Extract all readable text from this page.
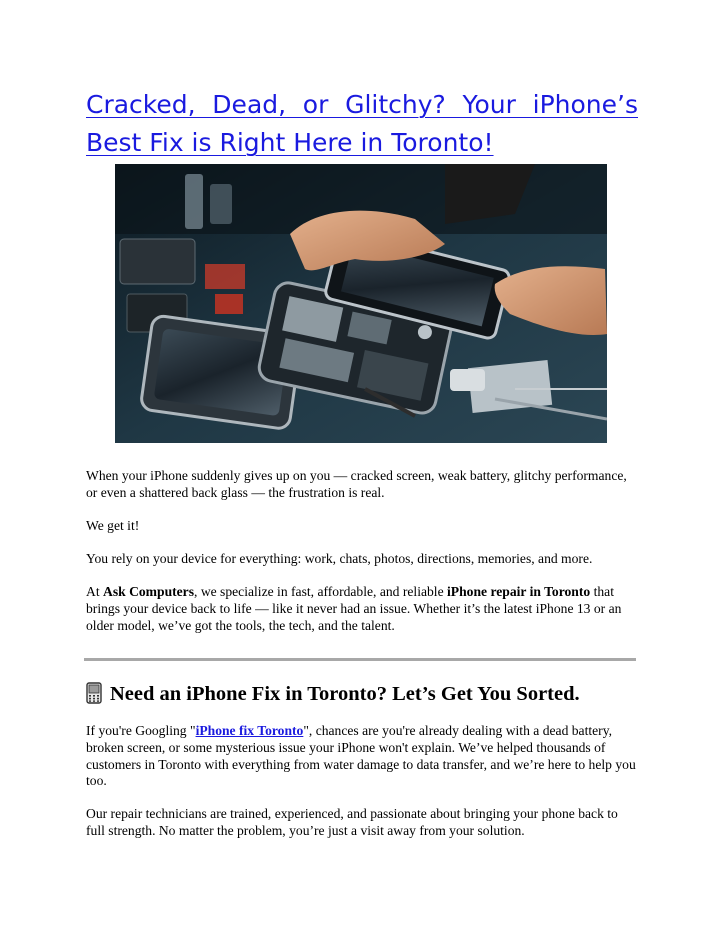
Cracked, Dead, or Glitchy? Your iPhone’s
Best Fix is Right Here in Toronto!

When your iPhone suddenly gives up on you — cracked screen, weak battery, glitchy performance, or even a shattered back glass — the frustration is real.

We get it!

You rely on your device for everything: work, chats, photos, directions, memories, and more.

At Ask Computers, we specialize in fast, affordable, and reliable iPhone repair in Toronto that brings your device back to life — like it never had an issue. Whether it’s the latest iPhone 13 or an older model, we’ve got the tools, the tech, and the talent.

Need an iPhone Fix in Toronto? Let’s Get You Sorted.

If you're Googling "iPhone fix Toronto", chances are you're already dealing with a dead battery, broken screen, or some mysterious issue your iPhone won't explain. We’ve helped thousands of customers in Toronto with everything from water damage to data transfer, and we’re here to help you too.

Our repair technicians are trained, experienced, and passionate about bringing your phone back to full strength. No matter the problem, you’re just a visit away from your solution.
